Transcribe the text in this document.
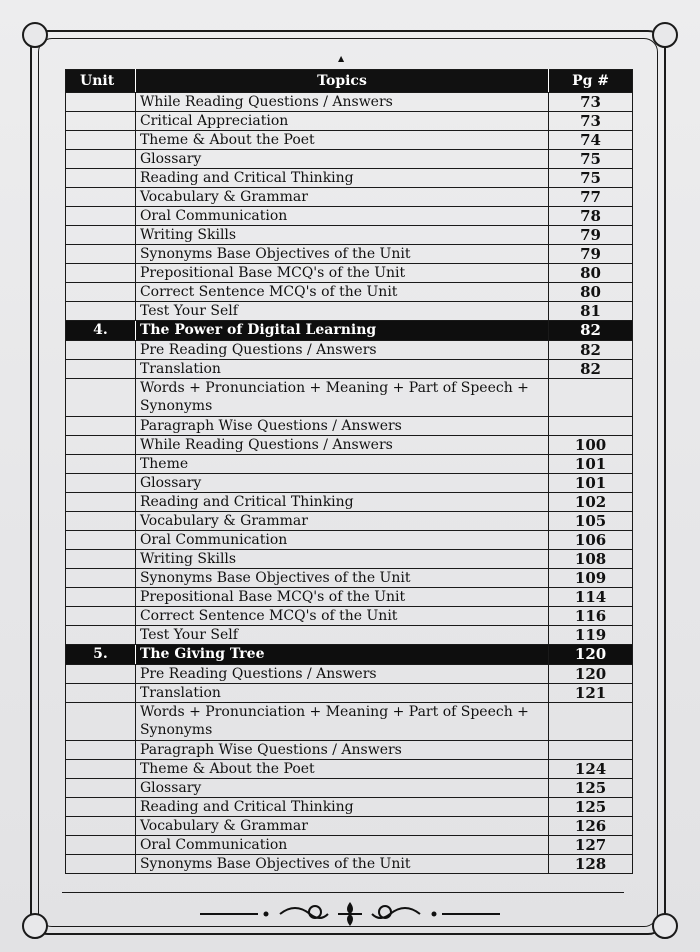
▲
Unit	Topics	Pg #
	While Reading Questions / Answers	73
	Critical Appreciation	73
	Theme & About the Poet	74
	Glossary	75
	Reading and Critical Thinking	75
	Vocabulary & Grammar	77
	Oral Communication	78
	Writing Skills	79
	Synonyms Base Objectives of the Unit	79
	Prepositional Base MCQ's of the Unit	80
	Correct Sentence MCQ's of the Unit	80
	Test Your Self	81
4.	The Power of Digital Learning	82
	Pre Reading Questions / Answers	82
	Translation	82
	Words + Pronunciation + Meaning + Part of Speech + Synonyms	
	Paragraph Wise Questions / Answers	
	While Reading Questions / Answers	100
	Theme	101
	Glossary	101
	Reading and Critical Thinking	102
	Vocabulary & Grammar	105
	Oral Communication	106
	Writing Skills	108
	Synonyms Base Objectives of the Unit	109
	Prepositional Base MCQ's of the Unit	114
	Correct Sentence MCQ's of the Unit	116
	Test Your Self	119
5.	The Giving Tree	120
	Pre Reading Questions / Answers	120
	Translation	121
	Words + Pronunciation + Meaning + Part of Speech + Synonyms	
	Paragraph Wise Questions / Answers	
	Theme & About the Poet	124
	Glossary	125
	Reading and Critical Thinking	125
	Vocabulary & Grammar	126
	Oral Communication	127
	Synonyms Base Objectives of the Unit	128
